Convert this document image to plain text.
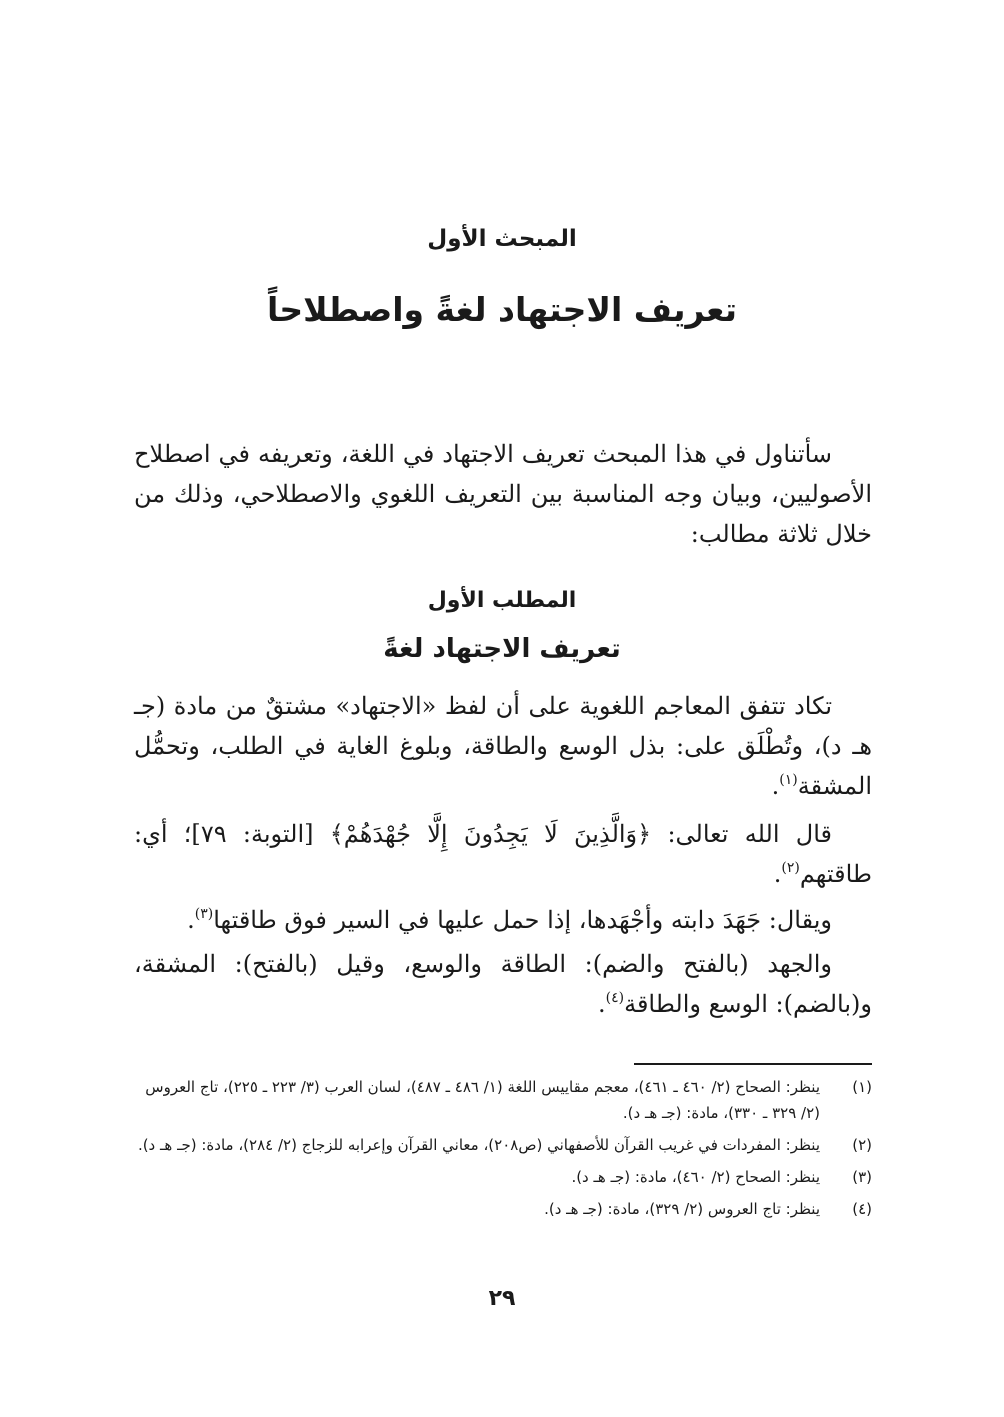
المبحث الأول
تعريف الاجتهاد لغةً واصطلاحاً

سأتناول في هذا المبحث تعريف الاجتهاد في اللغة، وتعريفه في اصطلاح الأصوليين، وبيان وجه المناسبة بين التعريف اللغوي والاصطلاحي، وذلك من خلال ثلاثة مطالب:

المطلب الأول
تعريف الاجتهاد لغةً

تكاد تتفق المعاجم اللغوية على أن لفظ «الاجتهاد» مشتقٌ من مادة (جـ هـ د)، وتُطْلَق على: بذل الوسع والطاقة، وبلوغ الغاية في الطلب، وتحمُّل المشقة$^{(١)}$.

قال الله تعالى: ﴿وَالَّذِينَ لَا يَجِدُونَ إِلَّا جُهْدَهُمْ﴾ [التوبة: ٧٩]؛ أي: طاقتهم$^{(٢)}$.

ويقال: جَهَدَ دابته وأجْهَدها، إذا حمل عليها في السير فوق طاقتها$^{(٣)}$.

والجهد (بالفتح والضم): الطاقة والوسع، وقيل (بالفتح): المشقة، و(بالضم): الوسع والطاقة$^{(٤)}$.

(١)
ينظر: الصحاح (٢/ ٤٦٠ ـ ٤٦١)، معجم مقاييس اللغة (١/ ٤٨٦ ـ ٤٨٧)، لسان العرب (٣/ ٢٢٣ ـ ٢٢٥)، تاج العروس (٢/ ٣٢٩ ـ ٣٣٠)، مادة: (جـ هـ د).
(٢)
ينظر: المفردات في غريب القرآن للأصفهاني (ص٢٠٨)، معاني القرآن وإعرابه للزجاج (٢/ ٢٨٤)، مادة: (جـ هـ د).
(٣)
ينظر: الصحاح (٢/ ٤٦٠)، مادة: (جـ هـ د).
(٤)
ينظر: تاج العروس (٢/ ٣٢٩)، مادة: (جـ هـ د).
٢٩
